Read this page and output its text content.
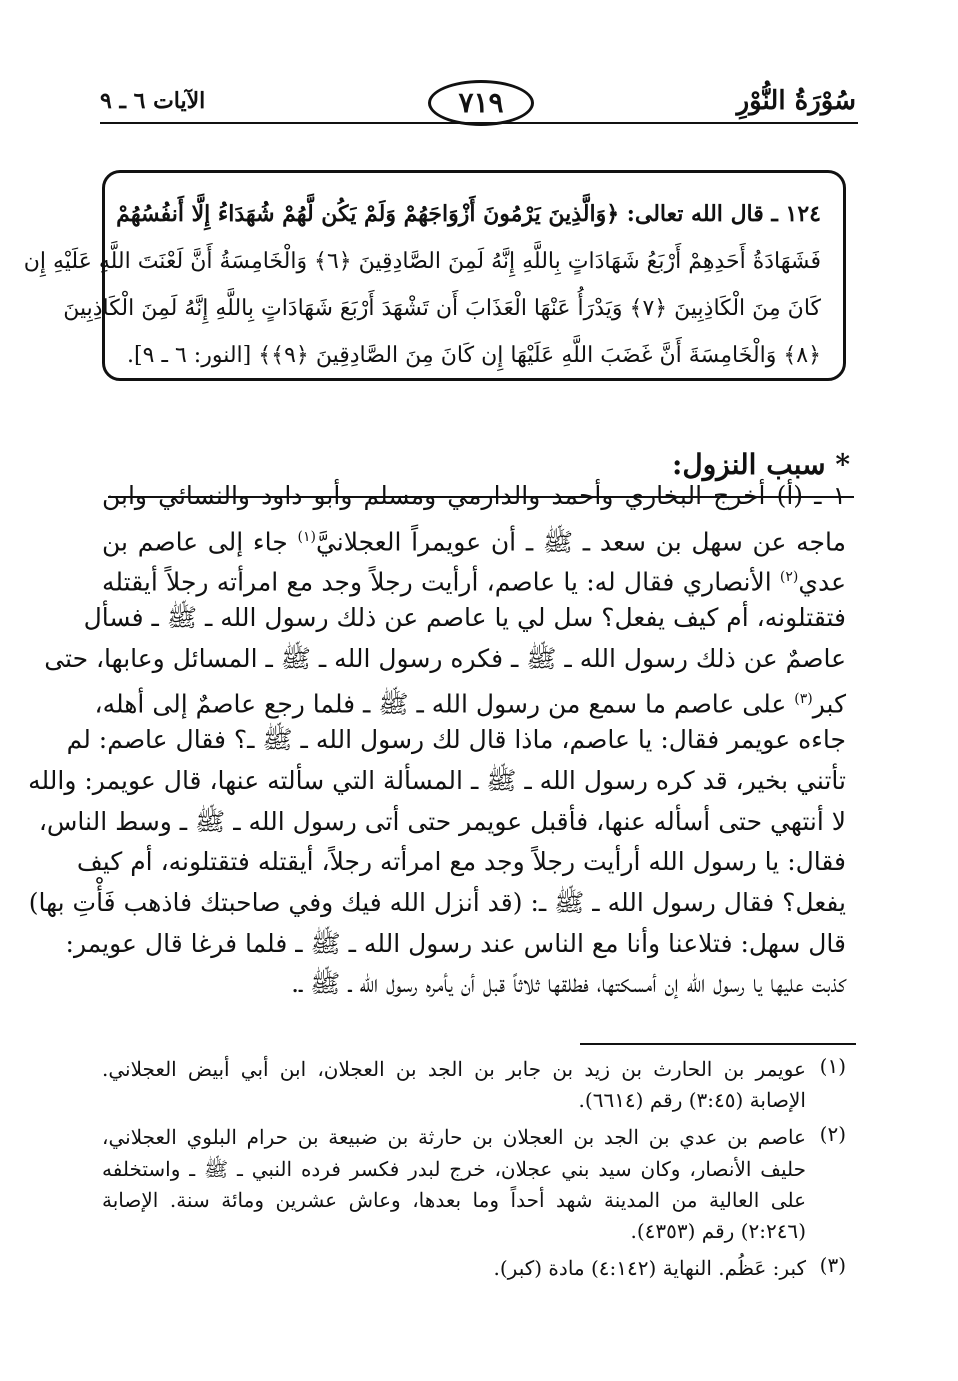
سُوْرَةُ النُّوْرِ
٧١٩
الآيات ٦ ـ ٩

١٢٤ ـ قال الله تعالى: ﴿وَالَّذِينَ يَرْمُونَ أَزْوَاجَهُمْ وَلَمْ يَكُن لَّهُمْ شُهَدَاءُ إِلَّا أَنفُسُهُمْ

فَشَهَادَةُ أَحَدِهِمْ أَرْبَعُ شَهَادَاتٍ بِاللَّهِ إِنَّهُ لَمِنَ الصَّادِقِينَ ﴿٦﴾ وَالْخَامِسَةُ أَنَّ لَعْنَتَ اللَّهِ عَلَيْهِ إِن

كَانَ مِنَ الْكَاذِبِينَ ﴿٧﴾ وَيَدْرَأُ عَنْهَا الْعَذَابَ أَن تَشْهَدَ أَرْبَعَ شَهَادَاتٍ بِاللَّهِ إِنَّهُ لَمِنَ الْكَاذِبِينَ

﴿٨﴾ وَالْخَامِسَةَ أَنَّ غَضَبَ اللَّهِ عَلَيْهَا إِن كَانَ مِنَ الصَّادِقِينَ ﴿٩﴾﴾ [النور: ٦ ـ ٩].

* سبب النزول:

١ ـ (أ) أخرج البخاري وأحمد والدارمي ومسلم وأبو داود والنسائي وابن

ماجه عن سهل بن سعد ـ ﷺ ـ أن عويمراً العجلانيَّ$^{(١)}$ جاء إلى عاصم بن

عدي$^{(٢)}$ الأنصاري فقال له: يا عاصم، أرأيت رجلاً وجد مع امرأته رجلاً أيقتله

فتقتلونه، أم كيف يفعل؟ سل لي يا عاصم عن ذلك رسول الله ـ ﷺ ـ فسأل

عاصمٌ عن ذلك رسول الله ـ ﷺ ـ فكره رسول الله ـ ﷺ ـ المسائل وعابها، حتى

كبر$^{(٣)}$ على عاصم ما سمع من رسول الله ـ ﷺ ـ فلما رجع عاصمٌ إلى أهله،

جاءه عويمر فقال: يا عاصم، ماذا قال لك رسول الله ـ ﷺ ـ؟ فقال عاصم: لم

تأتني بخير، قد كره رسول الله ـ ﷺ ـ المسألة التي سألته عنها، قال عويمر: والله

لا أنتهي حتى أسأله عنها، فأقبل عويمر حتى أتى رسول الله ـ ﷺ ـ وسط الناس،

فقال: يا رسول الله أرأيت رجلاً وجد مع امرأته رجلاً، أيقتله فتقتلونه، أم كيف

يفعل؟ فقال رسول الله ـ ﷺ ـ: (قد أنزل الله فيك وفي صاحبتك فاذهب فَأْتِ بها)

قال سهل: فتلاعنا وأنا مع الناس عند رسول الله ـ ﷺ ـ فلما فرغا قال عويمر:

كذبت عليها يا رسول الله إن أمسكتها، فطلقها ثلاثاً قبل أن يأمره رسول الله ـ ﷺ ـ.

(١)
عويمر بن الحارث بن زيد بن جابر بن الجد بن العجلان، ابن أبي أبيض العجلاني.
الإصابة (٣:٤٥) رقم (٦٦١٤).
(٢)
عاصم بن عدي بن الجد بن العجلان بن حارثة بن ضبيعة بن حرام البلوي العجلاني،
حليف الأنصار، وكان سيد بني عجلان، خرج لبدر فكسر فرده النبي ـ ﷺ ـ واستخلفه
على العالية من المدينة شهد أحداً وما بعدها، وعاش عشرين ومائة سنة. الإصابة
(٢:٢٤٦) رقم (٤٣٥٣).
(٣)
كبر: عَظُم. النهاية (٤:١٤٢) مادة (كبر).
